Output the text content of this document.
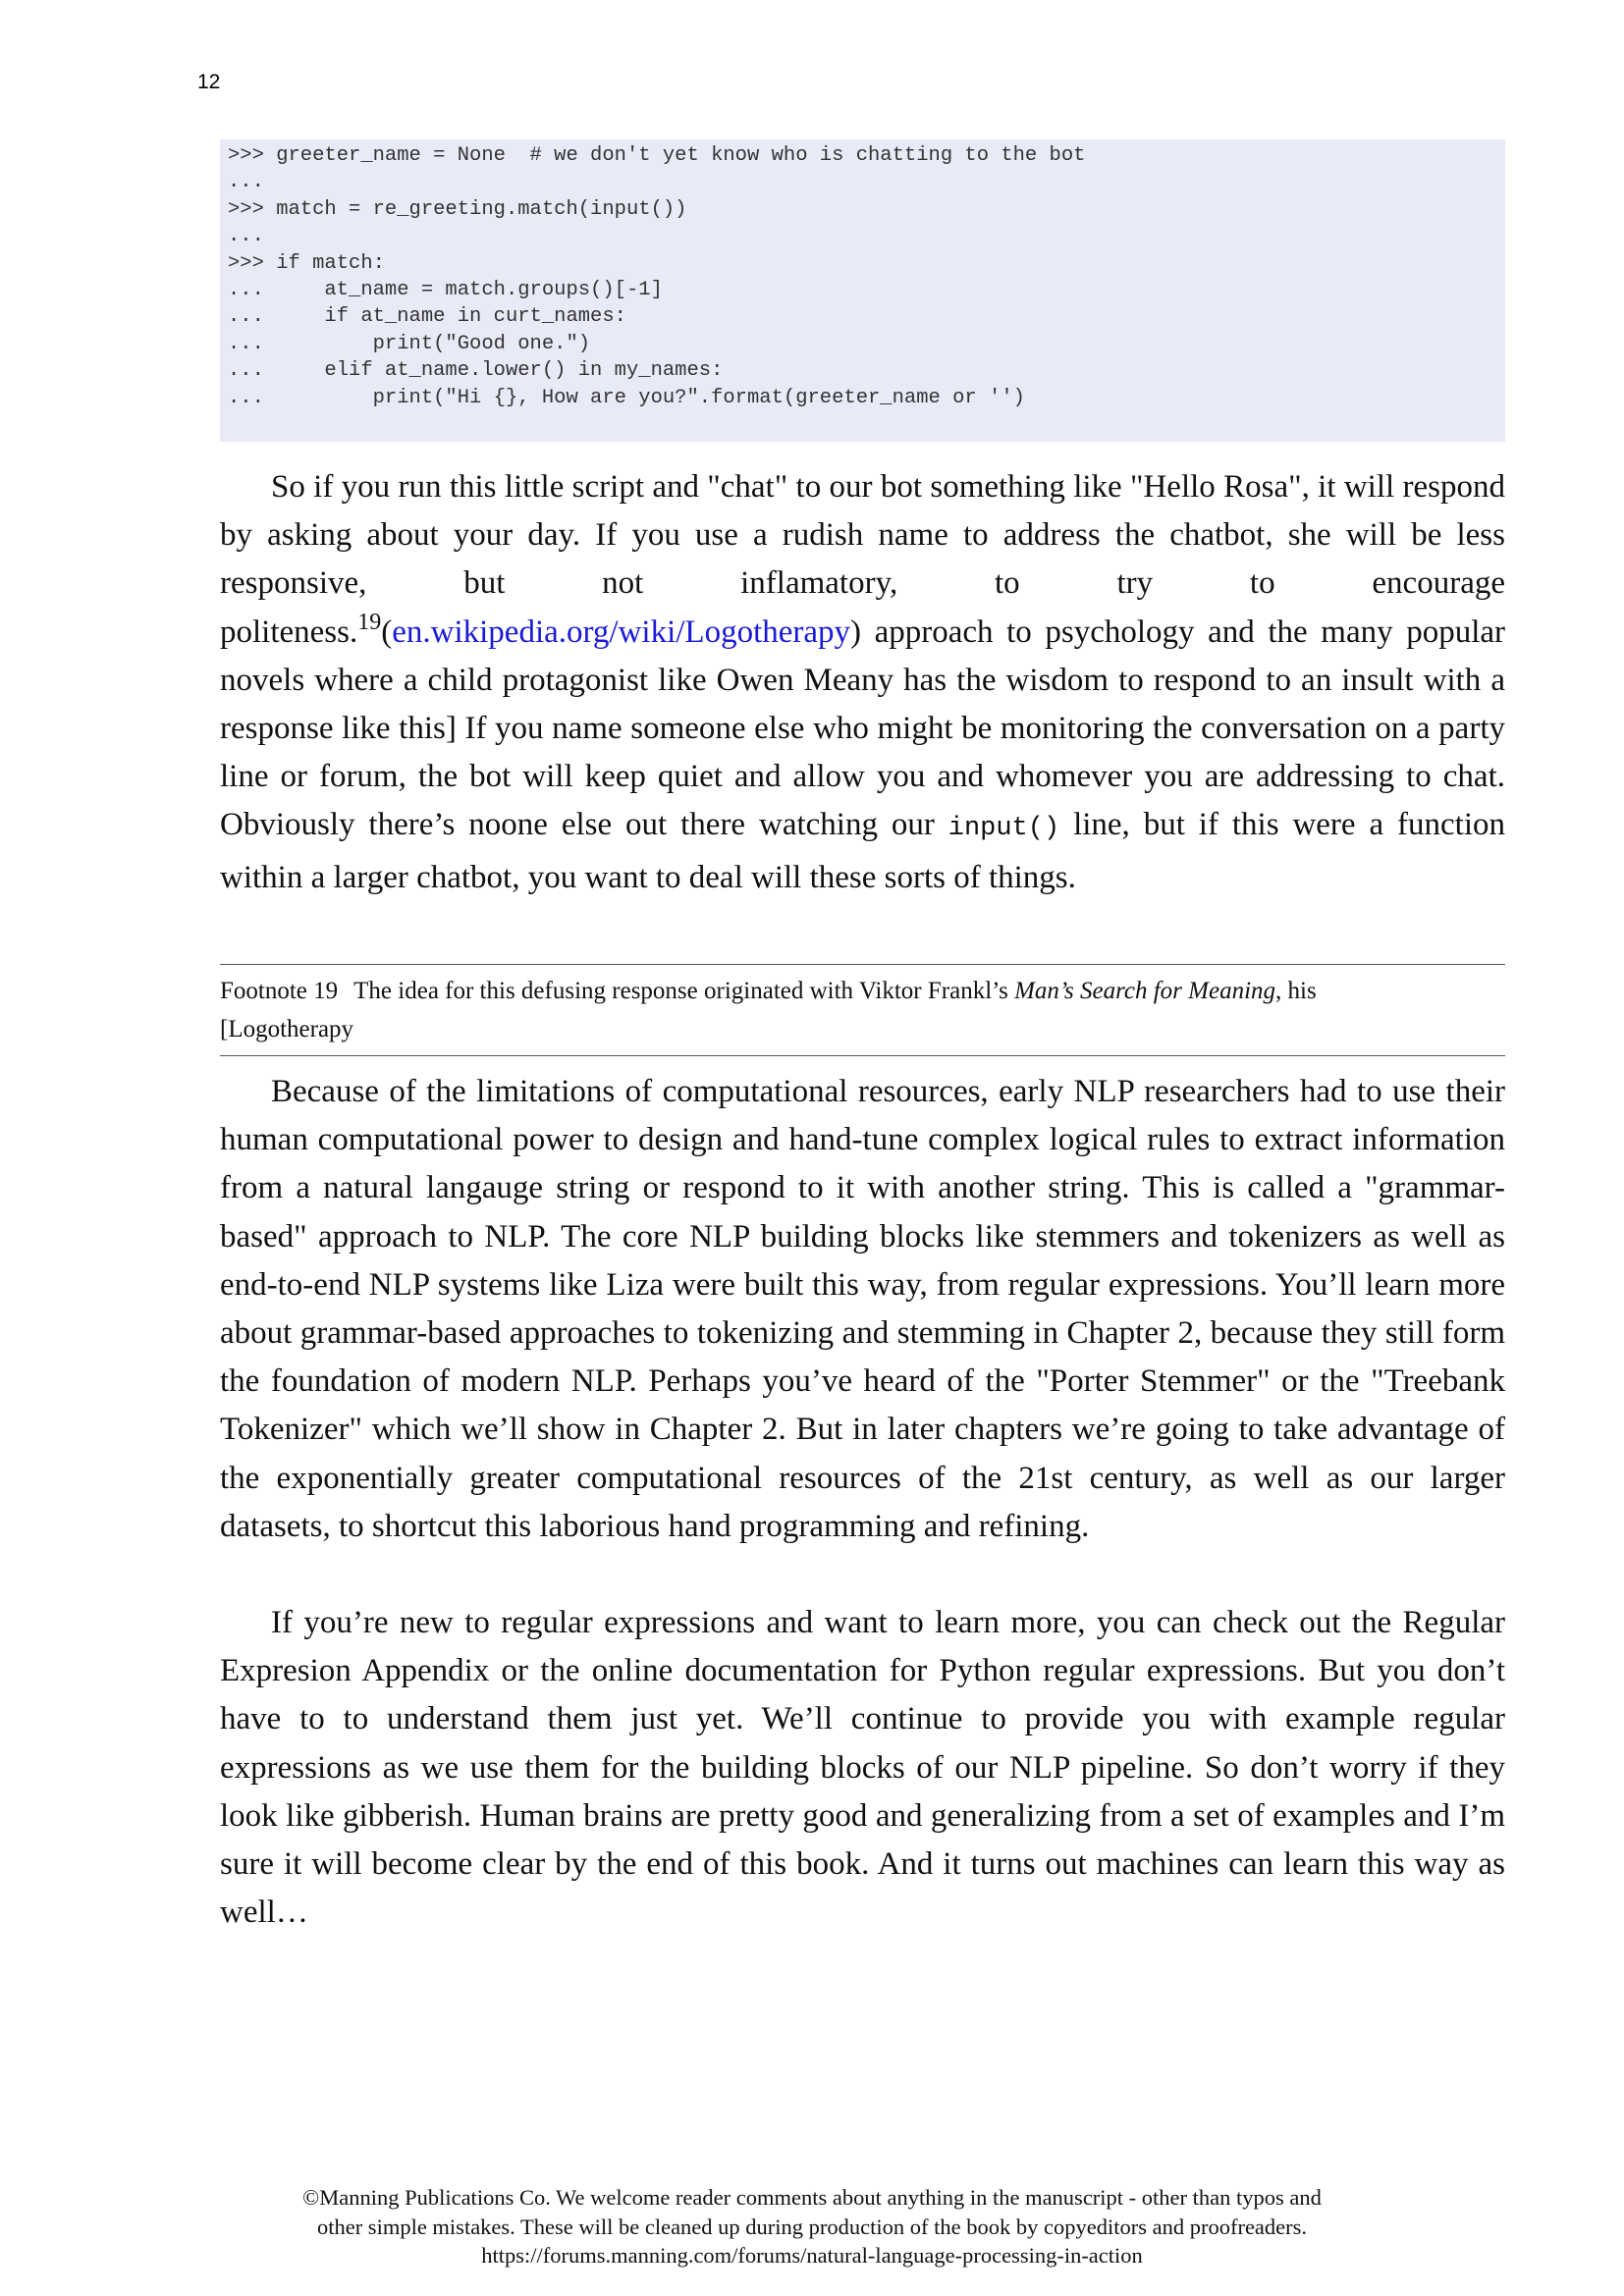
12
>>> greeter_name = None  # we don't yet know who is chatting to the bot
...
>>> match = re_greeting.match(input())
...
>>> if match:
...     at_name = match.groups()[-1]
...     if at_name in curt_names:
...         print("Good one.")
...     elif at_name.lower() in my_names:
...         print("Hi {}, How are you?".format(greeter_name or '')

So if you run this little script and "chat" to our bot something like "Hello Rosa", it will respond by asking about your day. If you use a rudish name to address the chatbot, she will be less responsive, but not inflamatory, to try to encourage politeness.$^{19}$(en.wikipedia.org/wiki/Logotherapy) approach to psychology and the many popular novels where a child protagonist like Owen Meany has the wisdom to respond to an insult with a response like this] If you name someone else who might be monitoring the conversation on a party line or forum, the bot will keep quiet and allow you and whomever you are addressing to chat. Obviously there’s noone else out there watching our input() line, but if this were a function within a larger chatbot, you want to deal will these sorts of things.

Footnote 19 The idea for this defusing response originated with Viktor Frankl’s Man’s Search for Meaning, his [Logotherapy

Because of the limitations of computational resources, early NLP researchers had to use their human computational power to design and hand-tune complex logical rules to extract information from a natural langauge string or respond to it with another string. This is called a "grammar-based" approach to NLP. The core NLP building blocks like stemmers and tokenizers as well as end-to-end NLP systems like Liza were built this way, from regular expressions. You’ll learn more about grammar-based approaches to tokenizing and stemming in Chapter 2, because they still form the foundation of modern NLP. Perhaps you’ve heard of the "Porter Stemmer" or the "Treebank Tokenizer" which we’ll show in Chapter 2. But in later chapters we’re going to take advantage of the exponentially greater computational resources of the 21st century, as well as our larger datasets, to shortcut this laborious hand programming and refining.

If you’re new to regular expressions and want to learn more, you can check out the Regular Expresion Appendix or the online documentation for Python regular expressions. But you don’t have to to understand them just yet. We’ll continue to provide you with example regular expressions as we use them for the building blocks of our NLP pipeline. So don’t worry if they look like gibberish. Human brains are pretty good and generalizing from a set of examples and I’m sure it will become clear by the end of this book. And it turns out machines can learn this way as well…

©Manning Publications Co. We welcome reader comments about anything in the manuscript - other than typos and
other simple mistakes. These will be cleaned up during production of the book by copyeditors and proofreaders.
https://forums.manning.com/forums/natural-language-processing-in-action
